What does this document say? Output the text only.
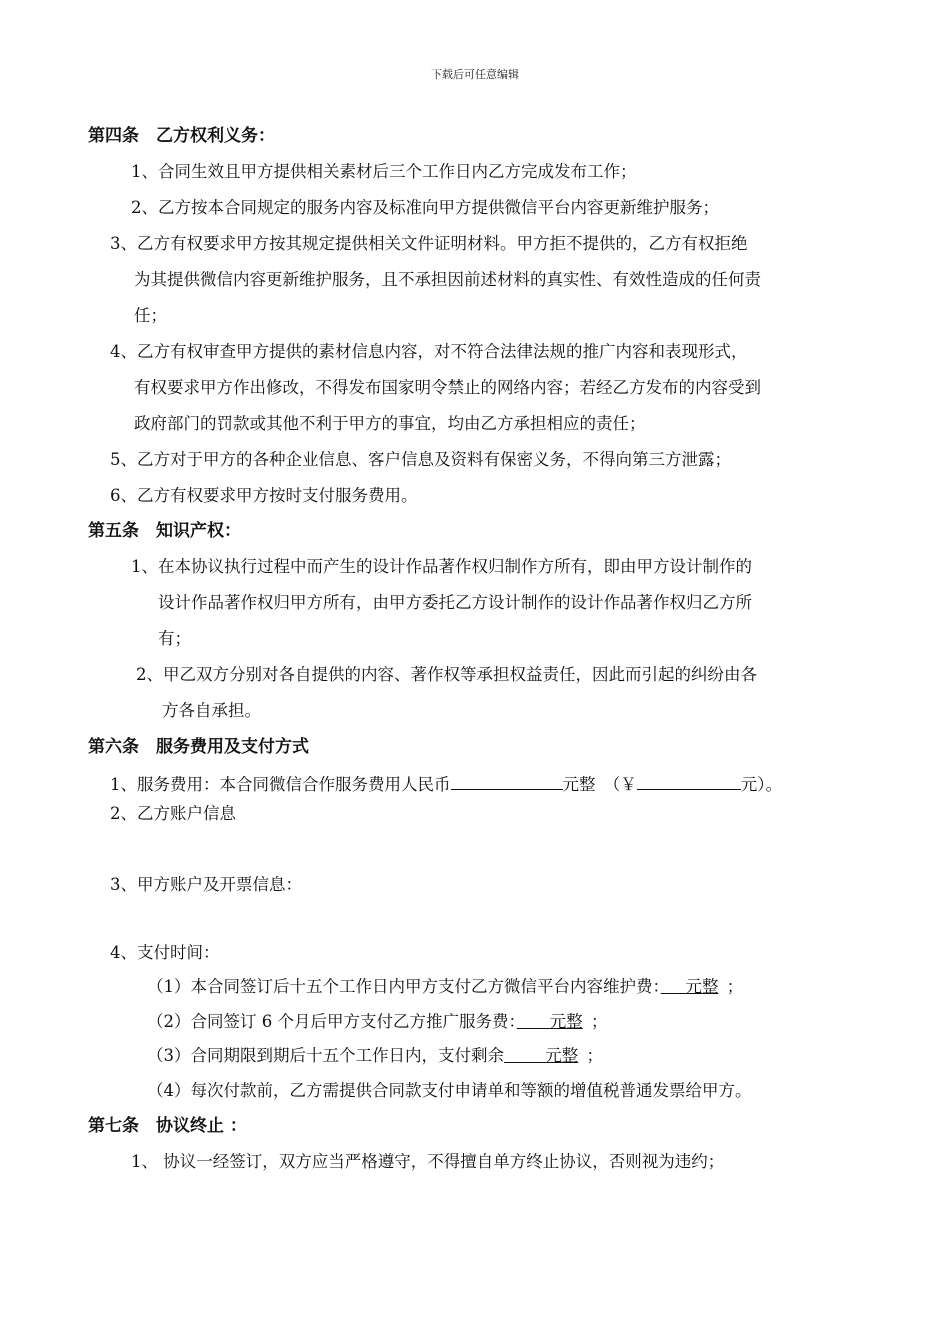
下载后可任意编辑
第四条　乙方权利义务：
1、合同生效且甲方提供相关素材后三个工作日内乙方完成发布工作；
2、乙方按本合同规定的服务内容及标准向甲方提供微信平台内容更新维护服务；
3、乙方有权要求甲方按其规定提供相关文件证明材料。甲方拒不提供的，乙方有权拒绝
为其提供微信内容更新维护服务，且不承担因前述材料的真实性、有效性造成的任何责
任；
4、乙方有权审查甲方提供的素材信息内容，对不符合法律法规的推广内容和表现形式，
有权要求甲方作出修改，不得发布国家明令禁止的网络内容；若经乙方发布的内容受到
政府部门的罚款或其他不利于甲方的事宜，均由乙方承担相应的责任；
5、乙方对于甲方的各种企业信息、客户信息及资料有保密义务，不得向第三方泄露；
6、乙方有权要求甲方按时支付服务费用。
第五条　知识产权：
1、在本协议执行过程中而产生的设计作品著作权归制作方所有，即由甲方设计制作的
设计作品著作权归甲方所有，由甲方委托乙方设计制作的设计作品著作权归乙方所
有；
2、甲乙双方分别对各自提供的内容、著作权等承担权益责任，因此而引起的纠纷由各
方各自承担。
第六条　服务费用及支付方式
1、服务费用：本合同微信合作服务费用人民币	元整　（￥	元）。
2、乙方账户信息
3、甲方账户及开票信息：
4、支付时间：
（1）本合同签订后十五个工作日内甲方支付乙方微信平台内容维护费：　  元整  ；
（2）合同签订 6 个月后甲方支付乙方推广服务费：　　 元整  ；
（3）合同期限到期后十五个工作日内，支付剩余　　 	元整  ；
（4）每次付款前，乙方需提供合同款支付申请单和等额的增值税普通发票给甲方。
第七条　协议终止 ：
1、 协议一经签订，双方应当严格遵守，不得擅自单方终止协议，否则视为违约；
